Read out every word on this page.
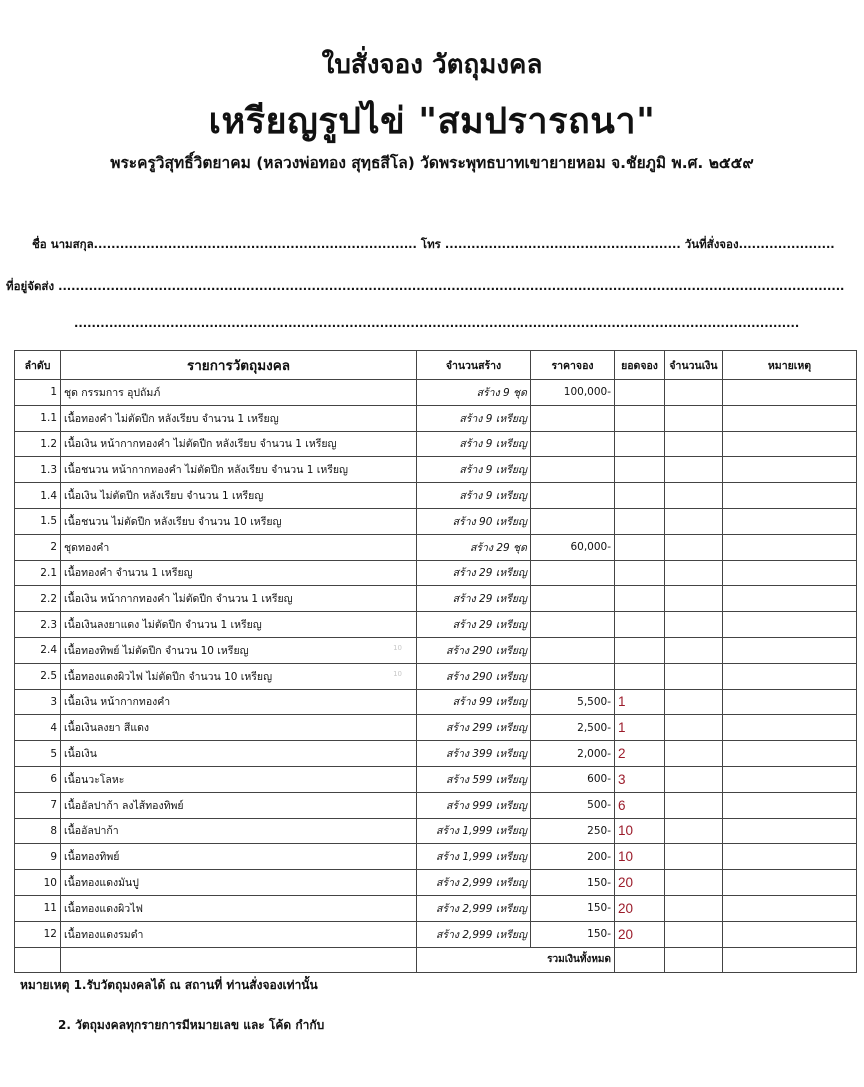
ใบสั่งจอง วัตถุมงคล
เหรียญรูปไข่ "สมปรารถนา"
พระครูวิสุทธิ์วิตยาคม (หลวงพ่อทอง สุทฺธสีโล) วัดพระพุทธบาทเขายายหอม จ.ชัยภูมิ พ.ศ. ๒๕๕๙
ชื่อ นามสกุล.......................................................................... โทร ...................................................... วันที่สั่งจอง......................
ที่อยู่จัดส่ง ....................................................................................................................................................................................
......................................................................................................................................................................
ลำดับ	รายการวัตถุมงคล	จำนวนสร้าง	ราคาจอง	ยอดจอง	จำนวนเงิน	หมายเหตุ
1	ชุด กรรมการ อุปถัมภ์	สร้าง 9 ชุด	100,000-			
1.1	เนื้อทองคำ ไม่ตัดปีก หลังเรียบ จำนวน 1 เหรียญ	สร้าง 9 เหรียญ				
1.2	เนื้อเงิน หน้ากากทองคำ ไม่ตัดปีก หลังเรียบ จำนวน 1 เหรียญ	สร้าง 9 เหรียญ				
1.3	เนื้อชนวน หน้ากากทองคำ ไม่ตัดปีก หลังเรียบ จำนวน 1 เหรียญ	สร้าง 9 เหรียญ				
1.4	เนื้อเงิน ไม่ตัดปีก หลังเรียบ จำนวน 1 เหรียญ	สร้าง 9 เหรียญ				
1.5	เนื้อชนวน ไม่ตัดปีก หลังเรียบ จำนวน 10 เหรียญ	สร้าง 90 เหรียญ				
2	ชุดทองคำ	สร้าง 29 ชุด	60,000-			
2.1	เนื้อทองคำ จำนวน 1 เหรียญ	สร้าง 29 เหรียญ				
2.2	เนื้อเงิน หน้ากากทองคำ ไม่ตัดปีก จำนวน 1 เหรียญ	สร้าง 29 เหรียญ				
2.3	เนื้อเงินลงยาแดง ไม่ตัดปีก จำนวน 1 เหรียญ	สร้าง 29 เหรียญ				
2.4	เนื้อทองทิพย์ ไม่ตัดปีก จำนวน 10 เหรียญ 10	สร้าง 290 เหรียญ				
2.5	เนื้อทองแดงผิวไฟ ไม่ตัดปีก จำนวน 10 เหรียญ 10	สร้าง 290 เหรียญ				
3	เนื้อเงิน หน้ากากทองคำ	สร้าง 99 เหรียญ	5,500-	1		
4	เนื้อเงินลงยา สีแดง	สร้าง 299 เหรียญ	2,500-	1		
5	เนื้อเงิน	สร้าง 399 เหรียญ	2,000-	2		
6	เนื้อนวะโลหะ	สร้าง 599 เหรียญ	600-	3		
7	เนื้ออัลปาก้า ลงไส้ทองทิพย์	สร้าง 999 เหรียญ	500-	6		
8	เนื้ออัลปาก้า	สร้าง 1,999 เหรียญ	250-	10		
9	เนื้อทองทิพย์	สร้าง 1,999 เหรียญ	200-	10		
10	เนื้อทองแดงมันปู	สร้าง 2,999 เหรียญ	150-	20		
11	เนื้อทองแดงผิวไฟ	สร้าง 2,999 เหรียญ	150-	20		
12	เนื้อทองแดงรมดำ	สร้าง 2,999 เหรียญ	150-	20		
		รวมเงินทั้งหมด				
หมายเหตุ 1.รับวัตถุมงคลได้ ณ สถานที่ ท่านสั่งจองเท่านั้น
2. วัตถุมงคลทุกรายการมีหมายเลข และ โค้ด กำกับ
